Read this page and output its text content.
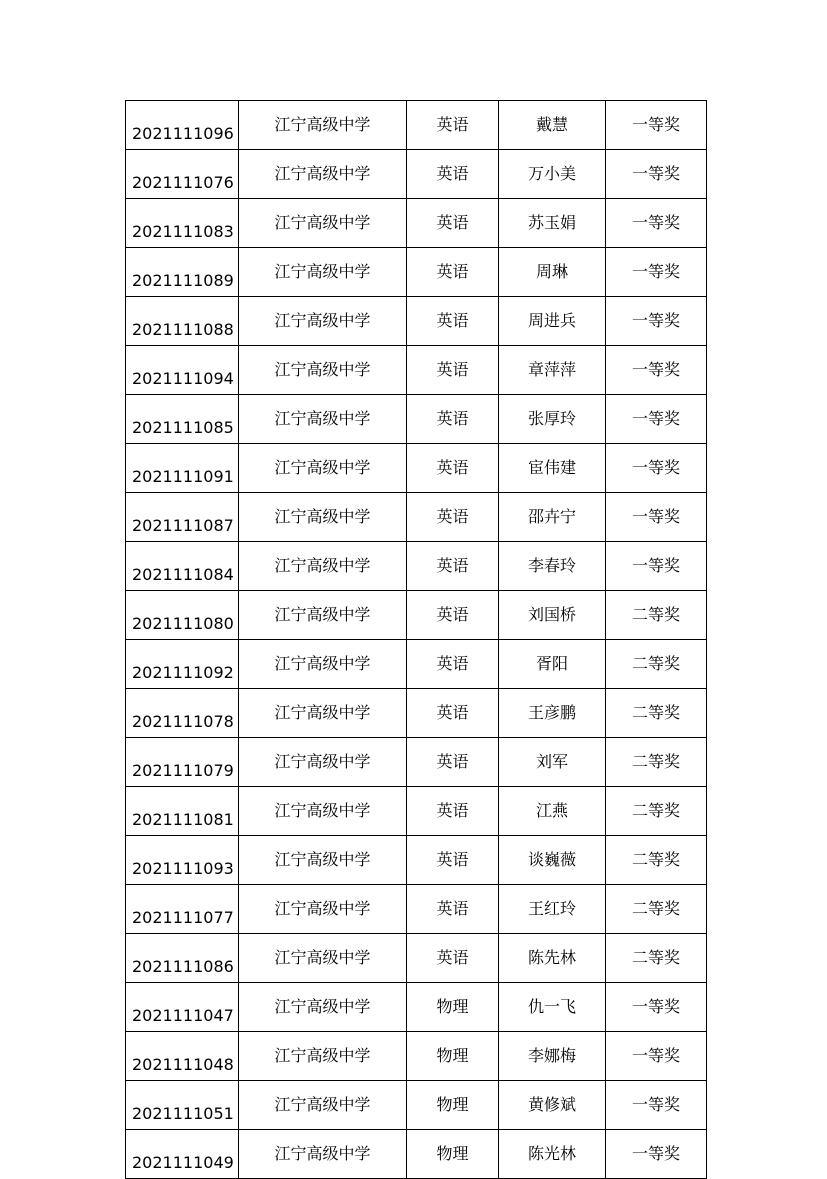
2021111096	江宁高级中学	英语	戴慧	一等奖
2021111076	江宁高级中学	英语	万小美	一等奖
2021111083	江宁高级中学	英语	苏玉娟	一等奖
2021111089	江宁高级中学	英语	周琳	一等奖
2021111088	江宁高级中学	英语	周进兵	一等奖
2021111094	江宁高级中学	英语	章萍萍	一等奖
2021111085	江宁高级中学	英语	张厚玲	一等奖
2021111091	江宁高级中学	英语	宦伟建	一等奖
2021111087	江宁高级中学	英语	邵卉宁	一等奖
2021111084	江宁高级中学	英语	李春玲	一等奖
2021111080	江宁高级中学	英语	刘国桥	二等奖
2021111092	江宁高级中学	英语	胥阳	二等奖
2021111078	江宁高级中学	英语	王彦鹏	二等奖
2021111079	江宁高级中学	英语	刘军	二等奖
2021111081	江宁高级中学	英语	江燕	二等奖
2021111093	江宁高级中学	英语	谈巍薇	二等奖
2021111077	江宁高级中学	英语	王红玲	二等奖
2021111086	江宁高级中学	英语	陈先林	二等奖
2021111047	江宁高级中学	物理	仇一飞	一等奖
2021111048	江宁高级中学	物理	李娜梅	一等奖
2021111051	江宁高级中学	物理	黄修斌	一等奖
2021111049	江宁高级中学	物理	陈光林	一等奖
